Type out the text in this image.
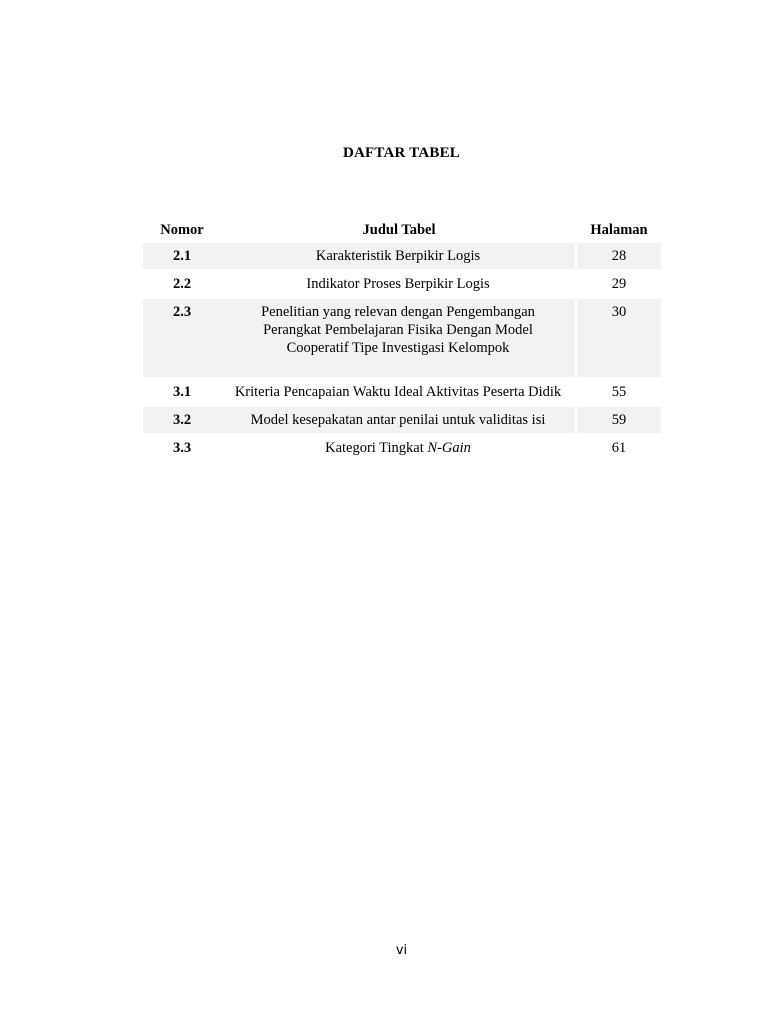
DAFTAR TABEL
Nomor	Judul Tabel	Halaman
2.1	Karakteristik Berpikir Logis	28

2.2	Indikator Proses Berpikir Logis	29

2.3	Penelitian yang relevan dengan Pengembangan
Perangkat Pembelajaran Fisika Dengan Model
Cooperatif Tipe Investigasi Kelompok	30

3.1	Kriteria Pencapaian Waktu Ideal Aktivitas Peserta Didik	55

3.2	Model kesepakatan antar penilai untuk validitas isi	59

3.3	Kategori Tingkat N-Gain	61
vi
